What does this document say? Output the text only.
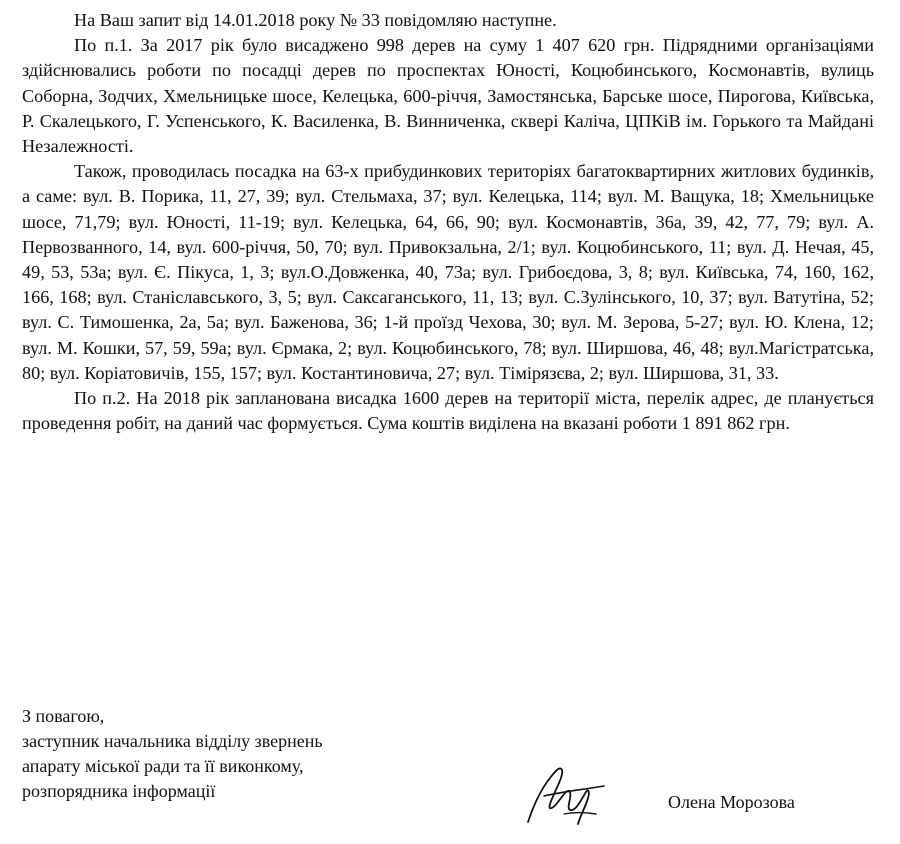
На Ваш запит від 14.01.2018 року № 33 повідомляю наступне.

По п.1. За 2017 рік було висаджено 998 дерев на суму 1 407 620 грн. Підрядними організаціями здійснювались роботи по посадці дерев по проспектах Юності, Коцюбинського, Космонавтів, вулиць Соборна, Зодчих, Хмельницьке шосе, Келецька, 600-річчя, Замостянська, Барське шосе, Пирогова, Київська, Р. Скалецького, Г. Успенського, К. Василенка, В. Винниченка, сквері Каліча, ЦПКіВ ім. Горького та Майдані Незалежності.

Також, проводилась посадка на 63-х прибудинкових територіях багатоквартирних житлових будинків, а саме: вул. В. Порика, 11, 27, 39; вул. Стельмаха, 37; вул. Келецька, 114; вул. М. Ващука, 18; Хмельницьке шосе, 71,79; вул. Юності, 11-19; вул. Келецька, 64, 66, 90; вул. Космонавтів, 36а, 39, 42, 77, 79; вул. А. Первозванного, 14, вул. 600-річчя, 50, 70; вул. Привокзальна, 2/1; вул. Коцюбинського, 11; вул. Д. Нечая, 45, 49, 53, 53а; вул. Є. Пікуса, 1, 3; вул.О.Довженка, 40, 73а; вул. Грибоєдова, 3, 8; вул. Київська, 74, 160, 162, 166, 168; вул. Станіславського, 3, 5; вул. Саксаганського, 11, 13; вул. С.Зулінського, 10, 37; вул. Ватутіна, 52; вул. С. Тимошенка, 2а, 5а; вул. Баженова, 36; 1-й проїзд Чехова, 30; вул. М. Зерова, 5-27; вул. Ю. Клена, 12; вул. М. Кошки, 57, 59, 59а; вул. Єрмака, 2; вул. Коцюбинського, 78; вул. Ширшова, 46, 48; вул.Магістратська, 80; вул. Коріатовичів, 155, 157; вул. Костантиновича, 27; вул. Тімірязєва, 2; вул. Ширшова, 31, 33.

По п.2. На 2018 рік запланована висадка 1600 дерев на території міста, перелік адрес, де планується проведення робіт, на даний час формується. Сума коштів виділена на вказані роботи 1 891 862 грн.

З повагою,
заступник начальника відділу звернень
апарату міської ради та її виконкому,
розпорядника інформації
Олена Морозова
